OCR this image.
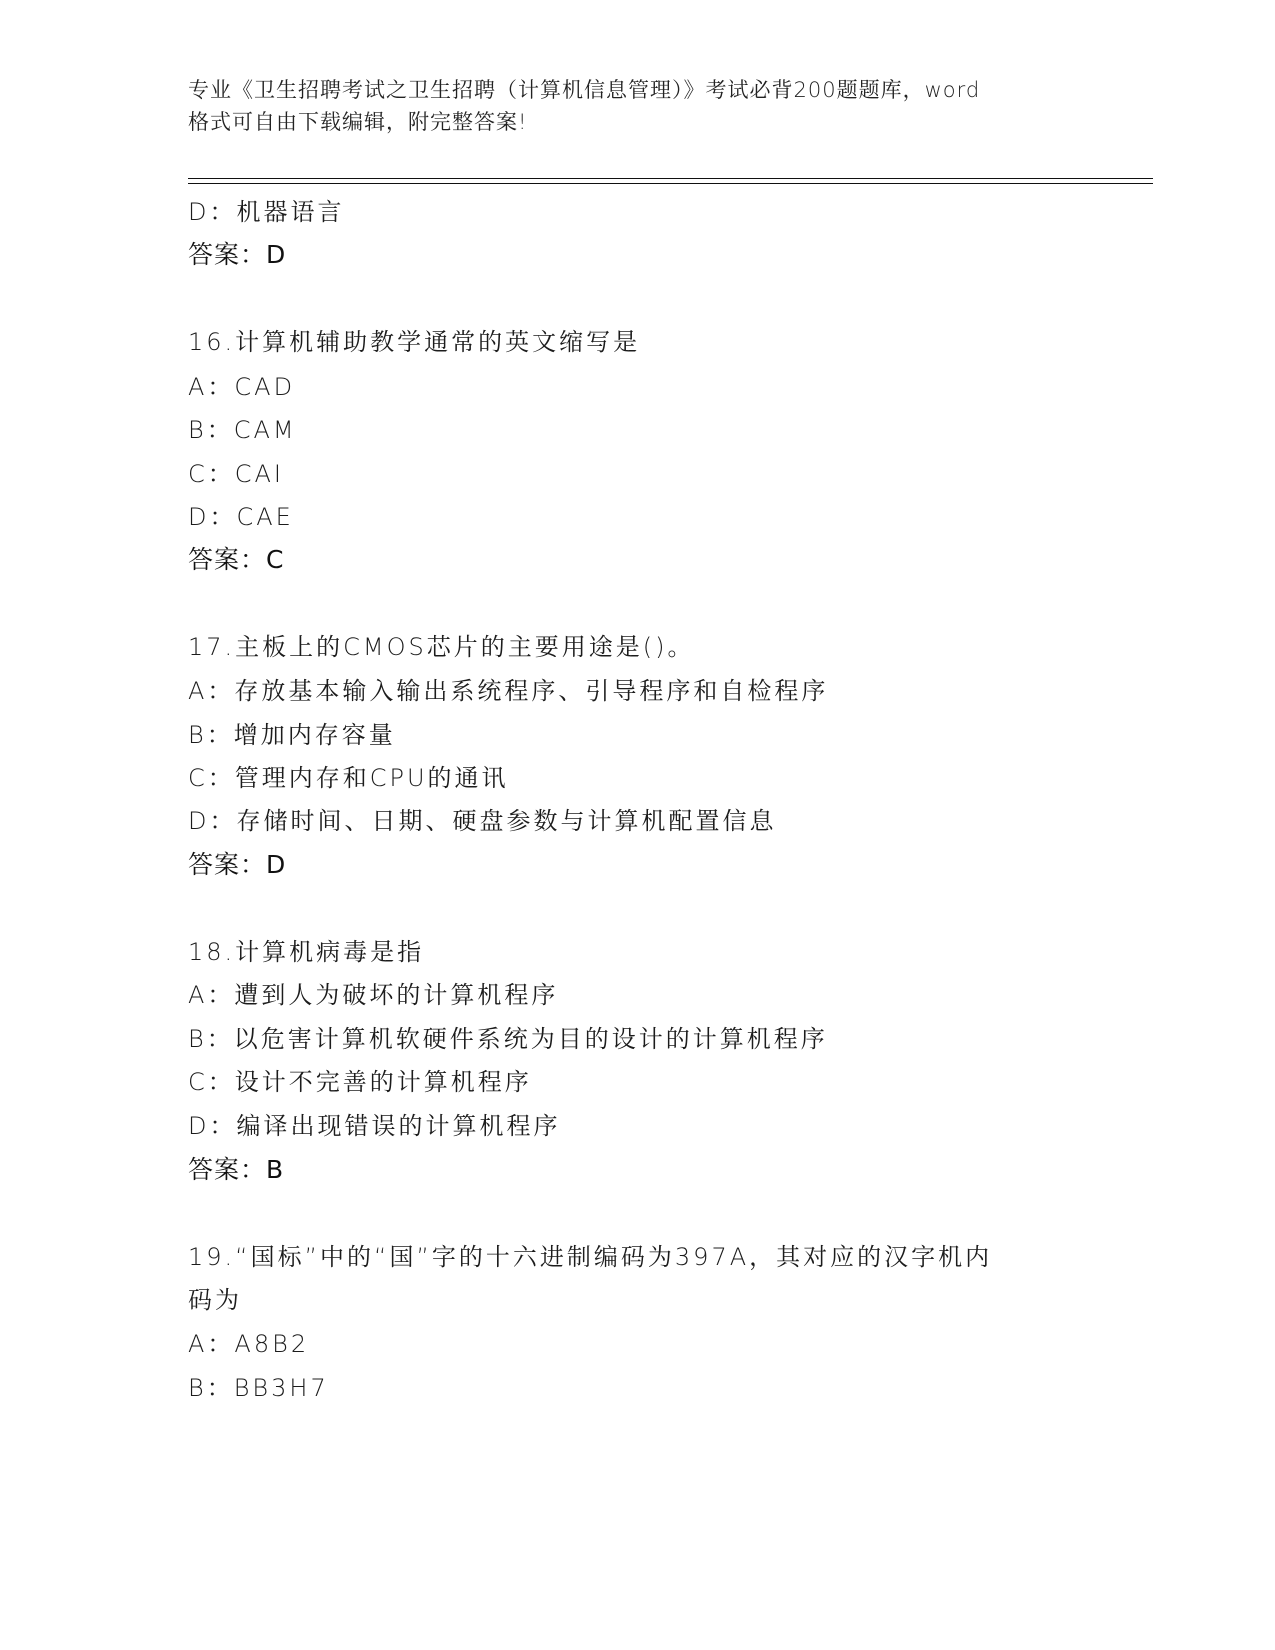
专业《卫生招聘考试之卫生招聘（计算机信息管理）》考试必背200题题库，word
格式可自由下载编辑，附完整答案!
D：机器语言
答案：D
16.计算机辅助教学通常的英文缩写是
A：CAD
B：CAM
C：CAI
D：CAE
答案：C
17.主板上的CMOS芯片的主要用途是()。
A：存放基本输入输出系统程序、引导程序和自检程序
B：增加内存容量
C：管理内存和CPU的通讯
D：存储时间、日期、硬盘参数与计算机配置信息
答案：D
18.计算机病毒是指
A：遭到人为破坏的计算机程序
B：以危害计算机软硬件系统为目的设计的计算机程序
C：设计不完善的计算机程序
D：编译出现错误的计算机程序
答案：B
19.“国标”中的“国”字的十六进制编码为397A，其对应的汉字机内
码为
A：A8B2
B：BB3H7
